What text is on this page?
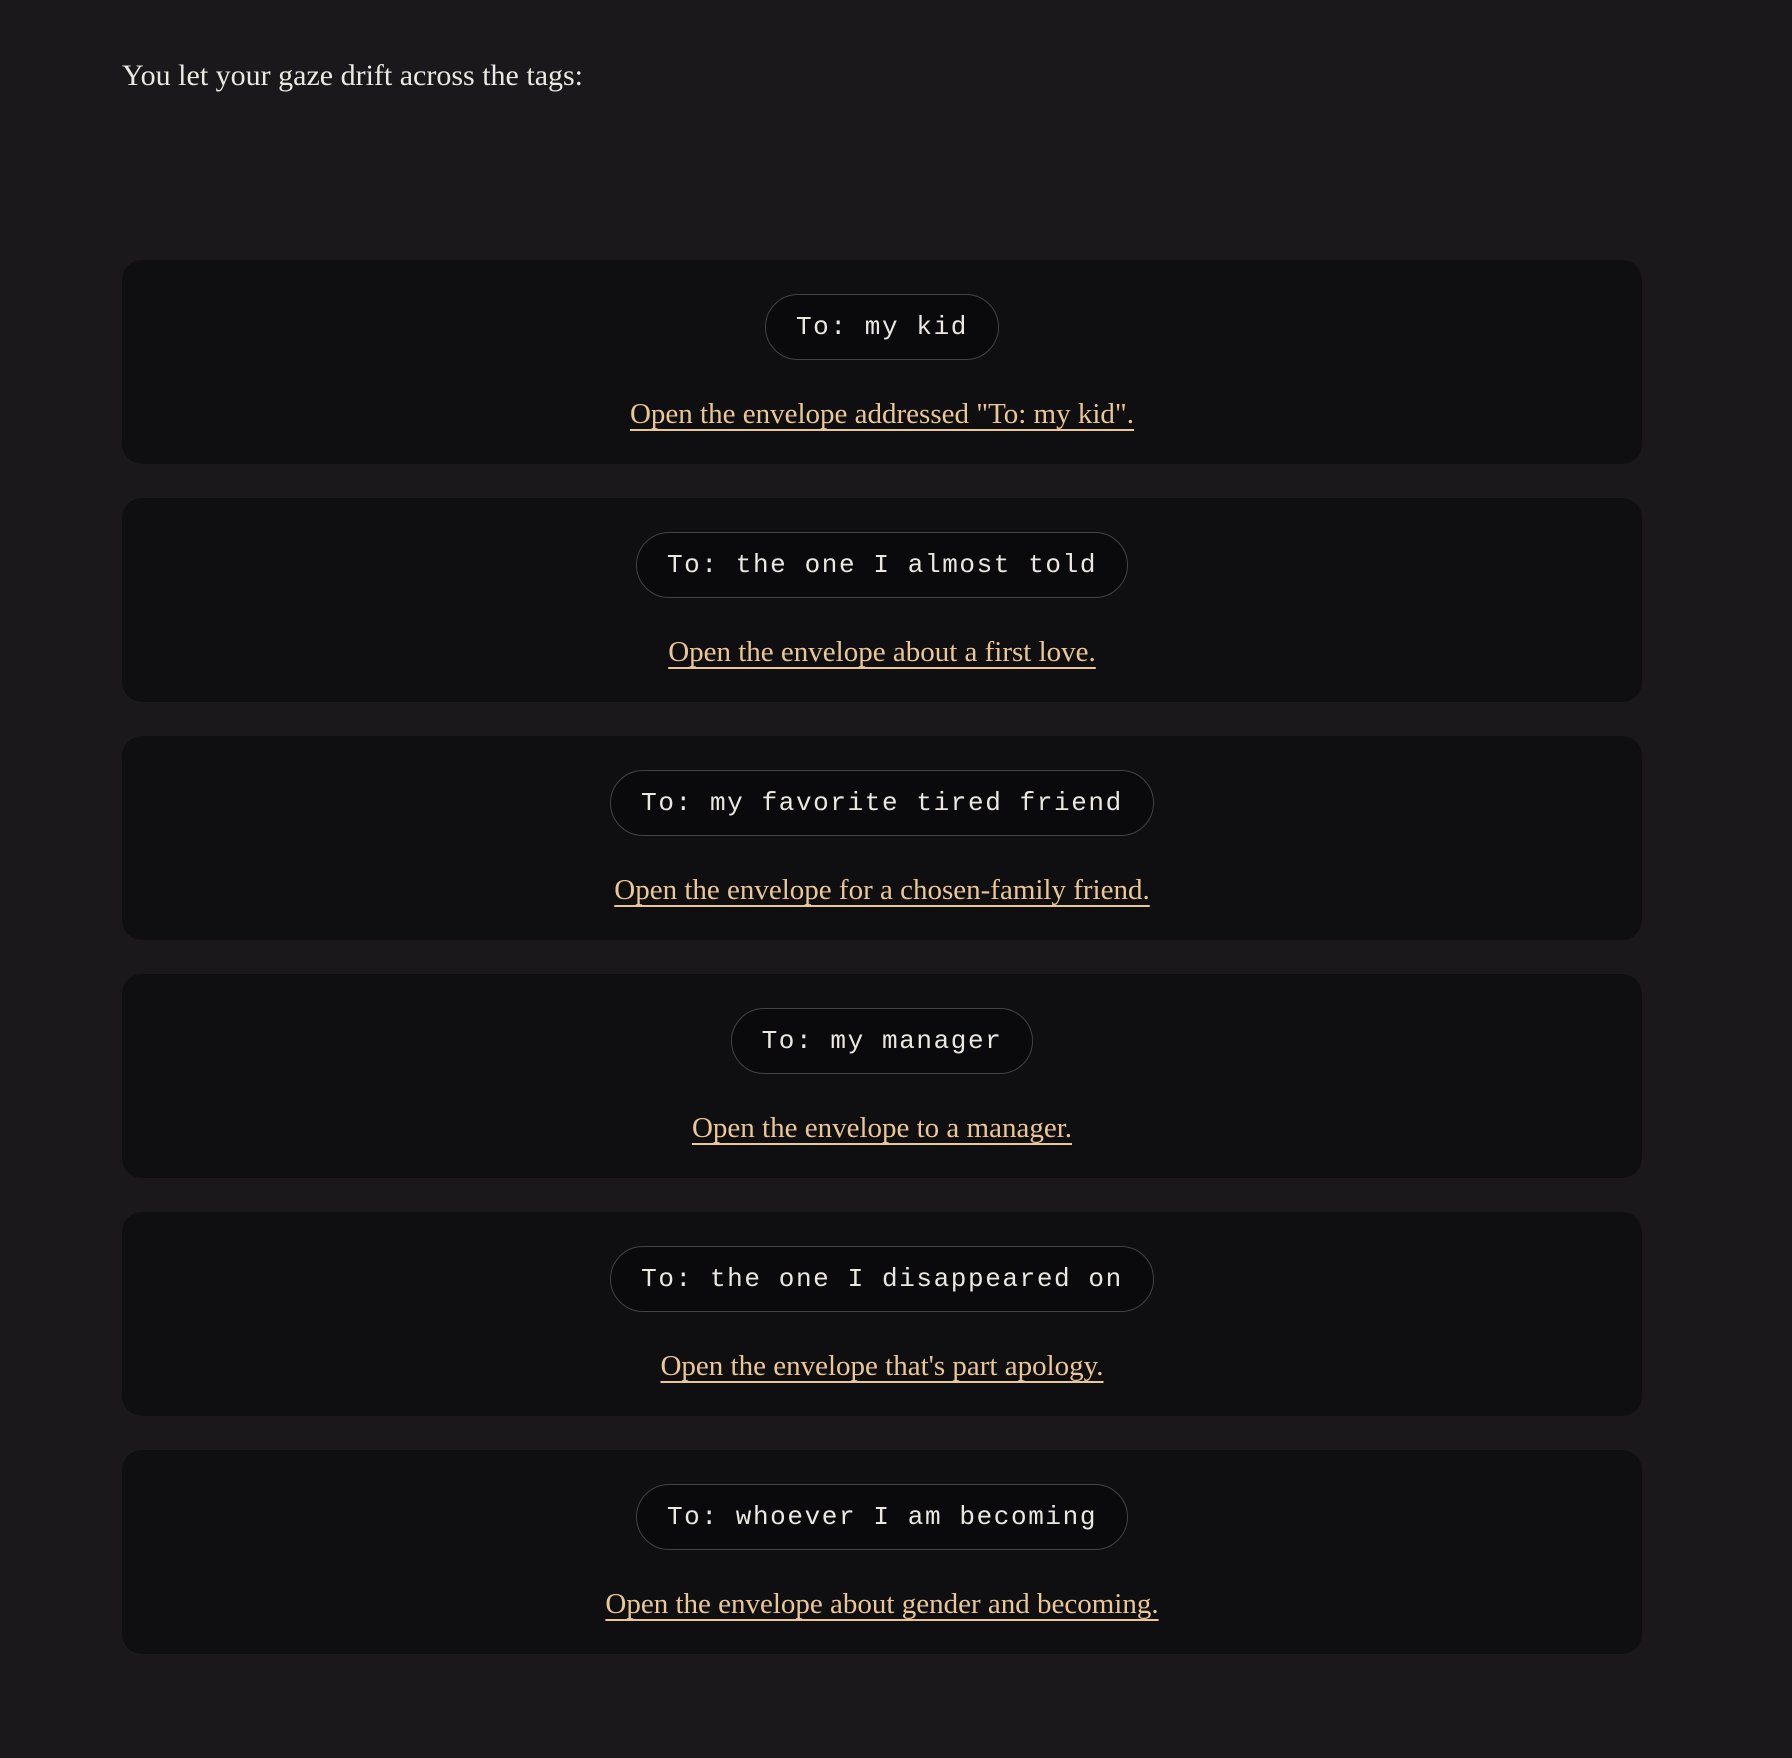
You let your gaze drift across the tags:

To: my kid
Open the envelope addressed "To: my kid".
To: the one I almost told
Open the envelope about a first love.
To: my favorite tired friend
Open the envelope for a chosen-family friend.
To: my manager
Open the envelope to a manager.
To: the one I disappeared on
Open the envelope that's part apology.
To: whoever I am becoming
Open the envelope about gender and becoming.
